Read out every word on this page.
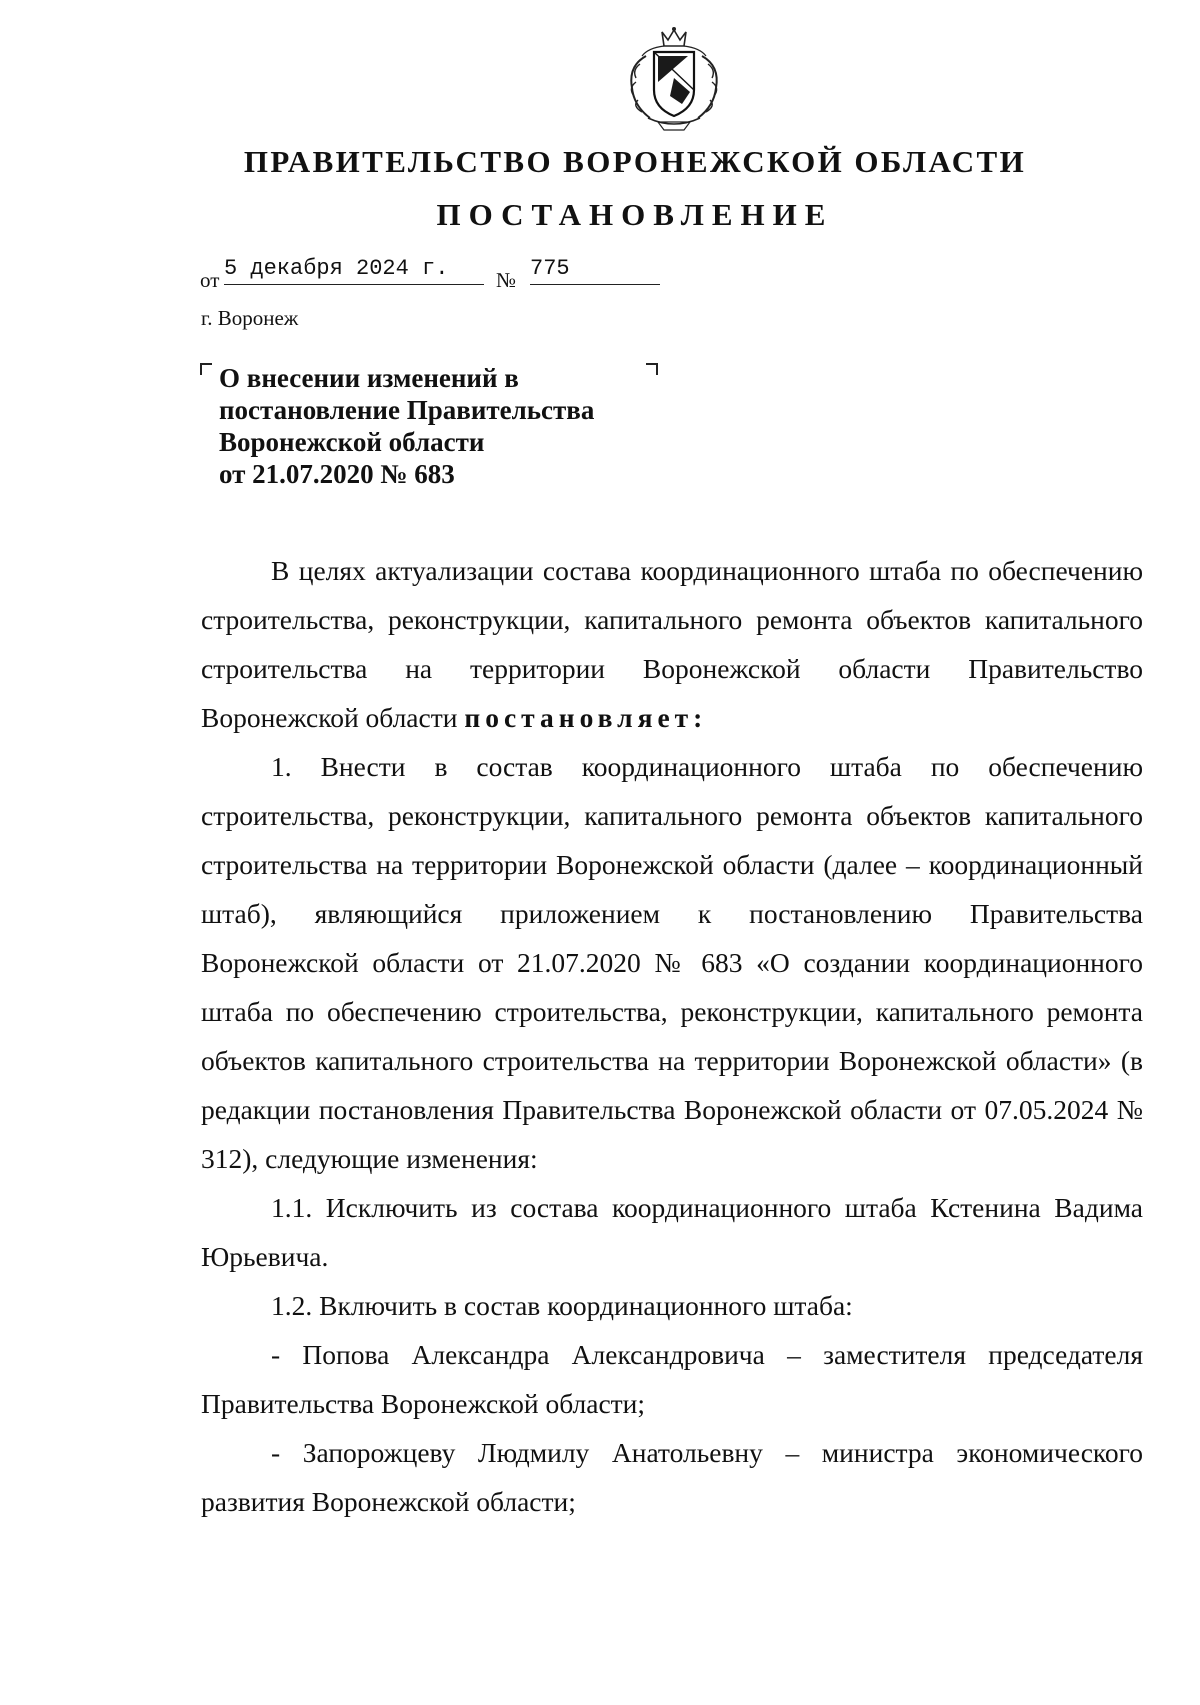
ПРАВИТЕЛЬСТВО ВОРОНЕЖСКОЙ ОБЛАСТИ
ПОСТАНОВЛЕНИЕ
от 5 декабря 2024 г.	№ 775
г. Воронеж
О внесении изменений в
постановление Правительства
Воронежской области
от 21.07.2020 № 683

В целях актуализации состава координационного штаба по обеспечению строительства, реконструкции, капитального ремонта объектов капитального строительства на территории Воронежской области Правительство Воронежской области постановляет:

1. Внести в состав координационного штаба по обеспечению строительства, реконструкции, капитального ремонта объектов капитального строительства на территории Воронежской области (далее – координационный штаб), являющийся приложением к постановлению Правительства Воронежской области от 21.07.2020 № 683 «О создании координационного штаба по обеспечению строительства, реконструкции, капитального ремонта объектов капитального строительства на территории Воронежской области» (в редакции постановления Правительства Воронежской области от 07.05.2024 № 312), следующие изменения:

1.1. Исключить из состава координационного штаба Кстенина Вадима Юрьевича.

1.2. Включить в состав координационного штаба:

- Попова Александра Александровича – заместителя председателя Правительства Воронежской области;

- Запорожцеву Людмилу Анатольевну – министра экономического развития Воронежской области;
